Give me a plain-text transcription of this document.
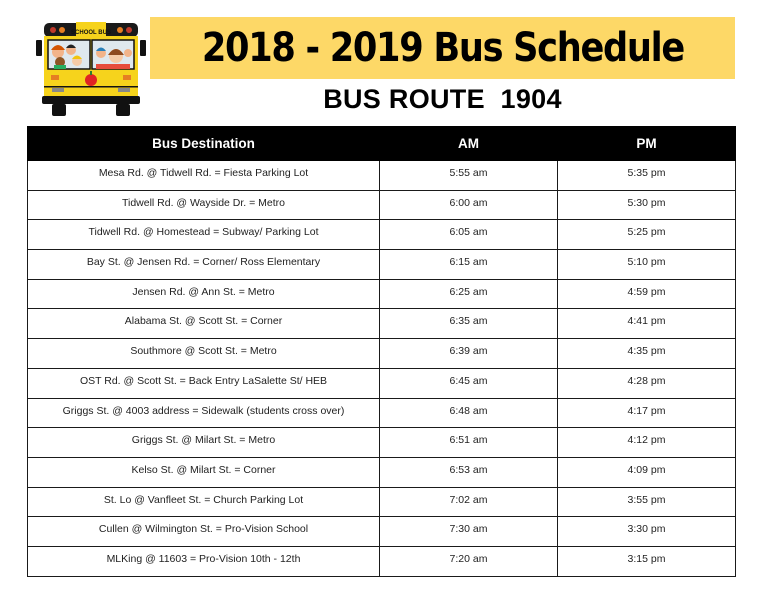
SCHOOL BUS 2018 - 2019 Bus Schedule
BUS ROUTE  1904
Bus Destination	AM	PM
Mesa Rd. @ Tidwell Rd. = Fiesta Parking Lot	5:55 am	5:35 pm
Tidwell Rd. @ Wayside Dr. = Metro	6:00 am	5:30 pm
Tidwell Rd. @ Homestead = Subway/ Parking Lot	6:05 am	5:25 pm
Bay St. @ Jensen Rd. = Corner/ Ross Elementary	6:15 am	5:10 pm
Jensen Rd. @ Ann St. = Metro	6:25 am	4:59 pm
Alabama St. @ Scott St. = Corner	6:35 am	4:41 pm
Southmore @ Scott St. = Metro	6:39 am	4:35 pm
OST Rd. @ Scott St. = Back Entry LaSalette St/ HEB	6:45 am	4:28 pm
Griggs St. @ 4003 address = Sidewalk (students cross over)	6:48 am	4:17 pm
Griggs St. @ Milart St. = Metro	6:51 am	4:12 pm
Kelso St. @ Milart St. = Corner	6:53 am	4:09 pm
St. Lo @ Vanfleet St. = Church Parking Lot	7:02 am	3:55 pm
Cullen @ Wilmington St. = Pro-Vision School	7:30 am	3:30 pm
MLKing @ 11603 = Pro-Vision 10th - 12th	7:20 am	3:15 pm
